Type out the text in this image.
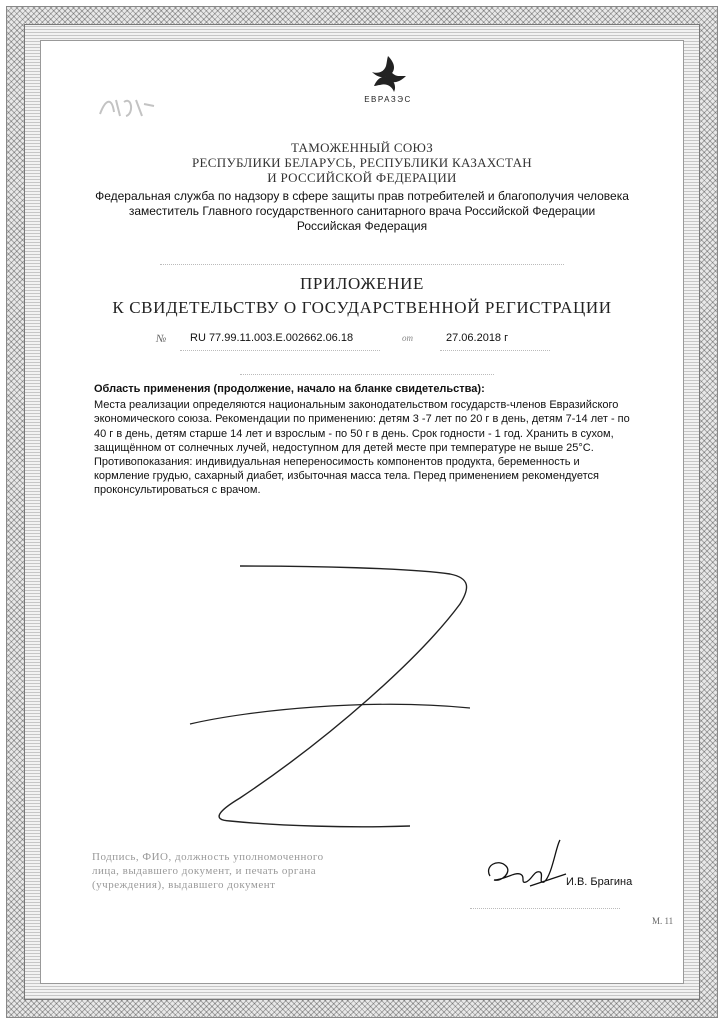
ЕВРАЗЭС
ТАМОЖЕННЫЙ СОЮЗ
РЕСПУБЛИКИ БЕЛАРУСЬ, РЕСПУБЛИКИ КАЗАХСТАН
И РОССИЙСКОЙ ФЕДЕРАЦИИ
Федеральная служба по надзору в сфере защиты прав потребителей и благополучия человека
заместитель Главного государственного санитарного врача Российской Федерации
Российская Федерация
ПРИЛОЖЕНИЕ
К СВИДЕТЕЛЬСТВУ О ГОСУДАРСТВЕННОЙ РЕГИСТРАЦИИ
№ RU 77.99.11.003.Е.002662.06.18	от	27.06.2018 г
Область применения (продолжение, начало на бланке свидетельства):
Места реализации определяются национальным законодательством государств-членов Евразийского экономического союза. Рекомендации по применению: детям 3 -7 лет по 20 г в день, детям 7-14 лет - по 40 г в день, детям старше 14 лет и взрослым - по 50 г в день. Срок годности - 1 год. Хранить в сухом, защищённом от солнечных лучей, недоступном для детей месте при температуре не выше 25°С. Противопоказания: индивидуальная непереносимость компонентов продукта, беременность и кормление грудью, сахарный диабет, избыточная масса тела. Перед применением рекомендуется проконсультироваться с врачом.
Подпись, ФИО, должность уполномоченного
лица, выдавшего документ, и печать органа
(учреждения), выдавшего документ	И.В. Брагина
М. 11
